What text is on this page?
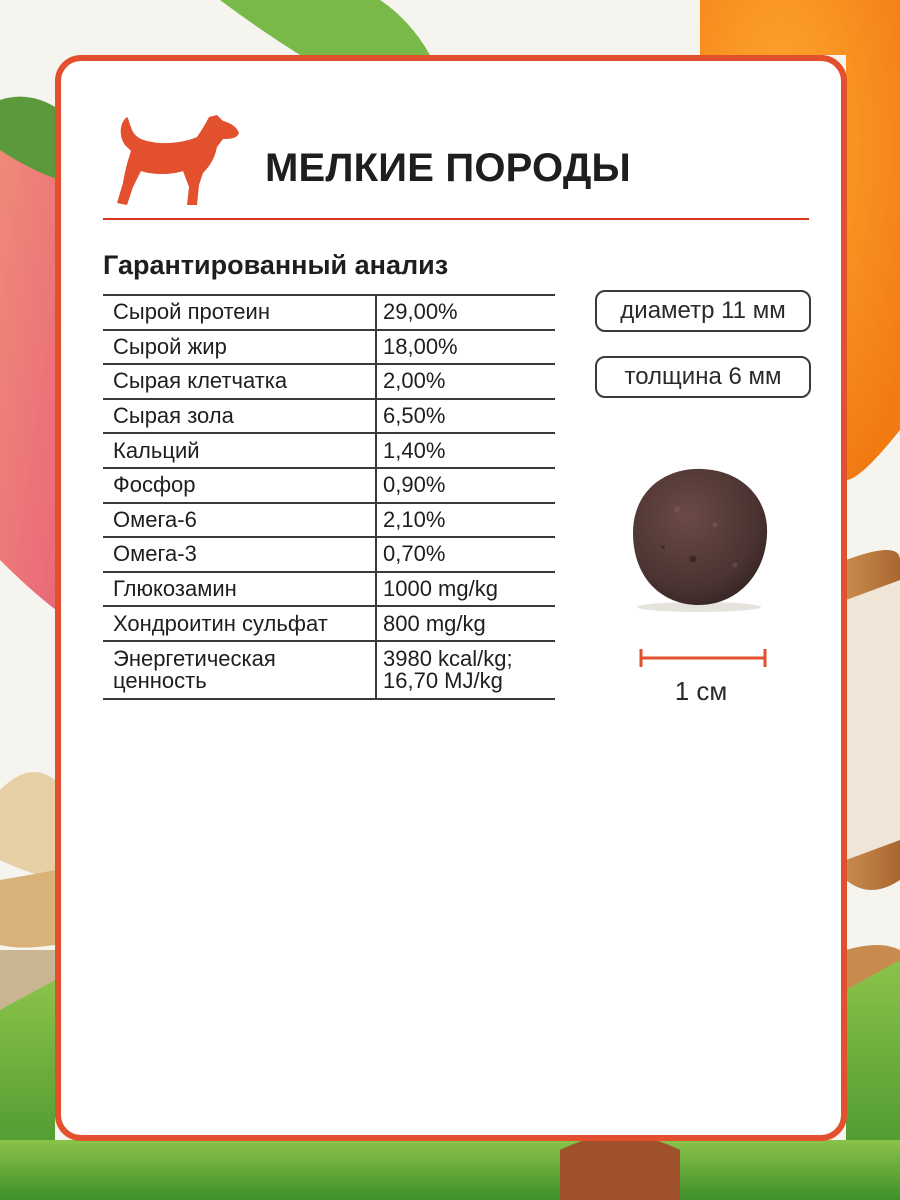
МЕЛКИЕ ПОРОДЫ
Гарантированный анализ
Сырой протеин	29,00%
Сырой жир	18,00%
Сырая клетчатка	2,00%
Сырая зола	6,50%
Кальций	1,40%
Фосфор	0,90%
Омега-6	2,10%
Омега-3	0,70%
Глюкозамин	1000 mg/kg
Хондроитин сульфат	800 mg/kg
Энергетическая
ценность	3980 kcal/kg;
16,70 MJ/kg
диаметр 11 мм
толщина 6 мм
1 см
